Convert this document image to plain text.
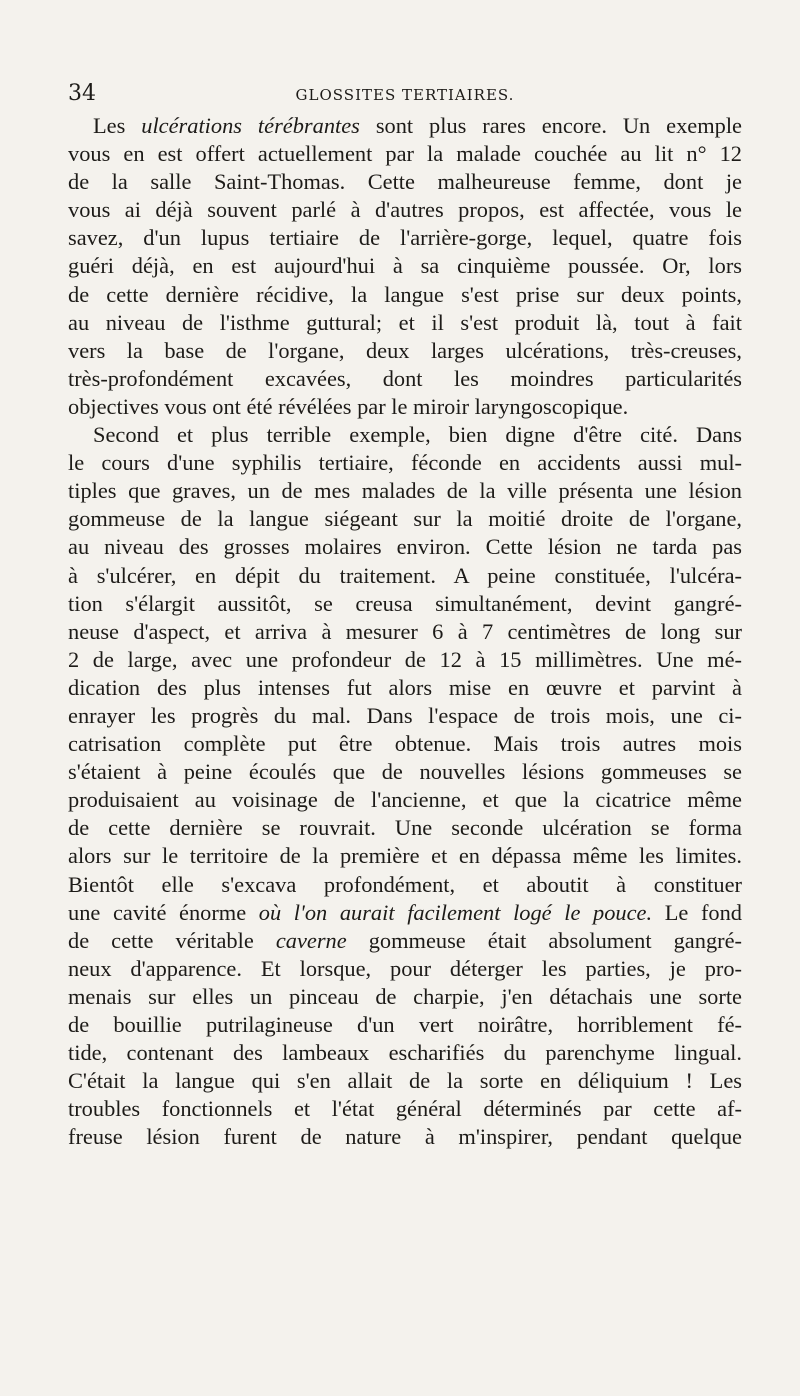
34	GLOSSITES TERTIAIRES.
Les ulcérations térébrantes sont plus rares encore. Un exemple
vous en est offert actuellement par la malade couchée au lit n° 12
de la salle Saint-Thomas. Cette malheureuse femme, dont je
vous ai déjà souvent parlé à d'autres propos, est affectée, vous le
savez, d'un lupus tertiaire de l'arrière-gorge, lequel, quatre fois
guéri déjà, en est aujourd'hui à sa cinquième poussée. Or, lors
de cette dernière récidive, la langue s'est prise sur deux points,
au niveau de l'isthme guttural; et il s'est produit là, tout à fait
vers la base de l'organe, deux larges ulcérations, très-creuses,
très-profondément excavées, dont les moindres particularités
objectives vous ont été révélées par le miroir laryngoscopique.
Second et plus terrible exemple, bien digne d'être cité. Dans
le cours d'une syphilis tertiaire, féconde en accidents aussi mul-
tiples que graves, un de mes malades de la ville présenta une lésion
gommeuse de la langue siégeant sur la moitié droite de l'organe,
au niveau des grosses molaires environ. Cette lésion ne tarda pas
à s'ulcérer, en dépit du traitement. A peine constituée, l'ulcéra-
tion s'élargit aussitôt, se creusa simultanément, devint gangré-
neuse d'aspect, et arriva à mesurer 6 à 7 centimètres de long sur
2 de large, avec une profondeur de 12 à 15 millimètres. Une mé-
dication des plus intenses fut alors mise en œuvre et parvint à
enrayer les progrès du mal. Dans l'espace de trois mois, une ci-
catrisation complète put être obtenue. Mais trois autres mois
s'étaient à peine écoulés que de nouvelles lésions gommeuses se
produisaient au voisinage de l'ancienne, et que la cicatrice même
de cette dernière se rouvrait. Une seconde ulcération se forma
alors sur le territoire de la première et en dépassa même les limites.
Bientôt elle s'excava profondément, et aboutit à constituer
une cavité énorme où l'on aurait facilement logé le pouce. Le fond
de cette véritable caverne gommeuse était absolument gangré-
neux d'apparence. Et lorsque, pour déterger les parties, je pro-
menais sur elles un pinceau de charpie, j'en détachais une sorte
de bouillie putrilagineuse d'un vert noirâtre, horriblement fé-
tide, contenant des lambeaux escharifiés du parenchyme lingual.
C'était la langue qui s'en allait de la sorte en déliquium ! Les
troubles fonctionnels et l'état général déterminés par cette af-
freuse lésion furent de nature à m'inspirer, pendant quelque
